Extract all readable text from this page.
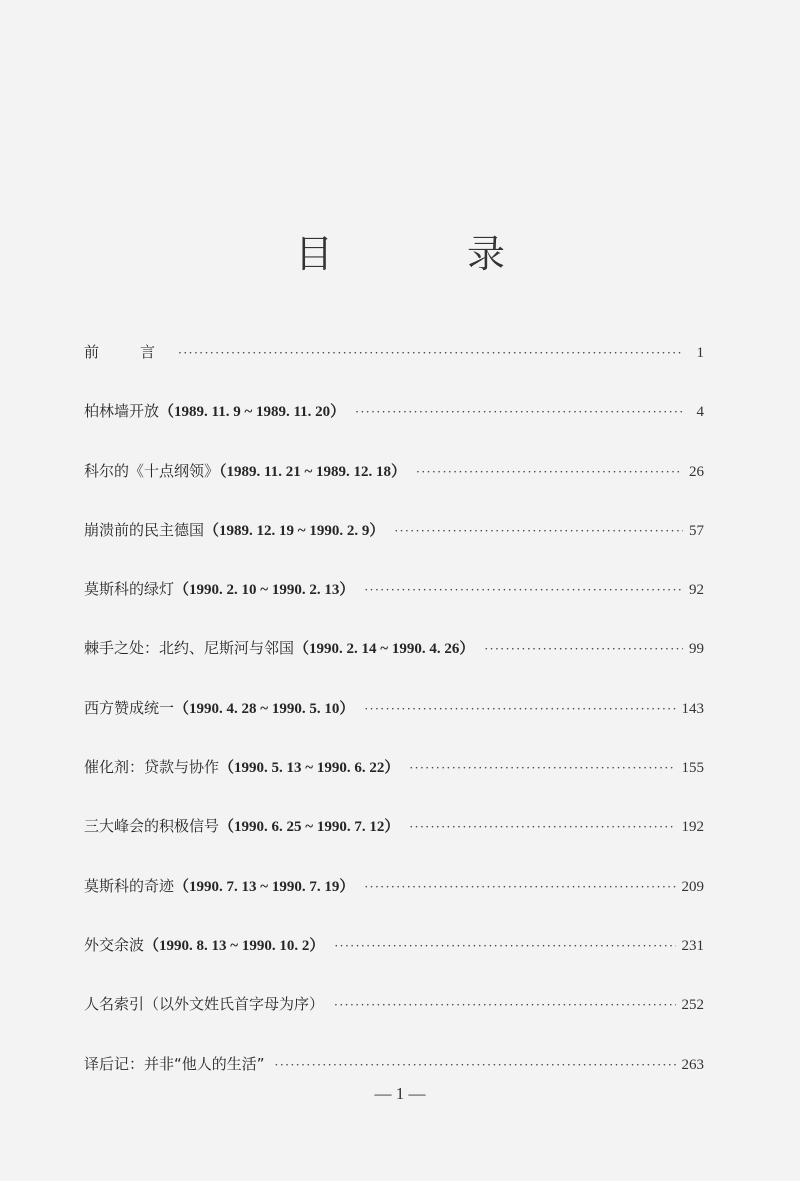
目　录
前　言 ·····	1
柏林墙开放（1989. 11. 9 ~ 1989. 11. 20） ·····	4
科尔的《十点纲领》（1989. 11. 21 ~ 1989. 12. 18） ·····	26
崩溃前的民主德国（1989. 12. 19 ~ 1990. 2. 9） ·····	57
莫斯科的绿灯（1990. 2. 10 ~ 1990. 2. 13） ·····	92
棘手之处：北约、尼斯河与邻国（1990. 2. 14 ~ 1990. 4. 26） ·····	99
西方赞成统一（1990. 4. 28 ~ 1990. 5. 10） ·····	143
催化剂：贷款与协作（1990. 5. 13 ~ 1990. 6. 22） ·····	155
三大峰会的积极信号（1990. 6. 25 ~ 1990. 7. 12） ·····	192
莫斯科的奇迹（1990. 7. 13 ~ 1990. 7. 19） ·····	209
外交余波（1990. 8. 13 ~ 1990. 10. 2） ·····	231
人名索引（以外文姓氏首字母为序） ·····	252
译后记：并非“他人的生活” ·····	263
— 1 —
